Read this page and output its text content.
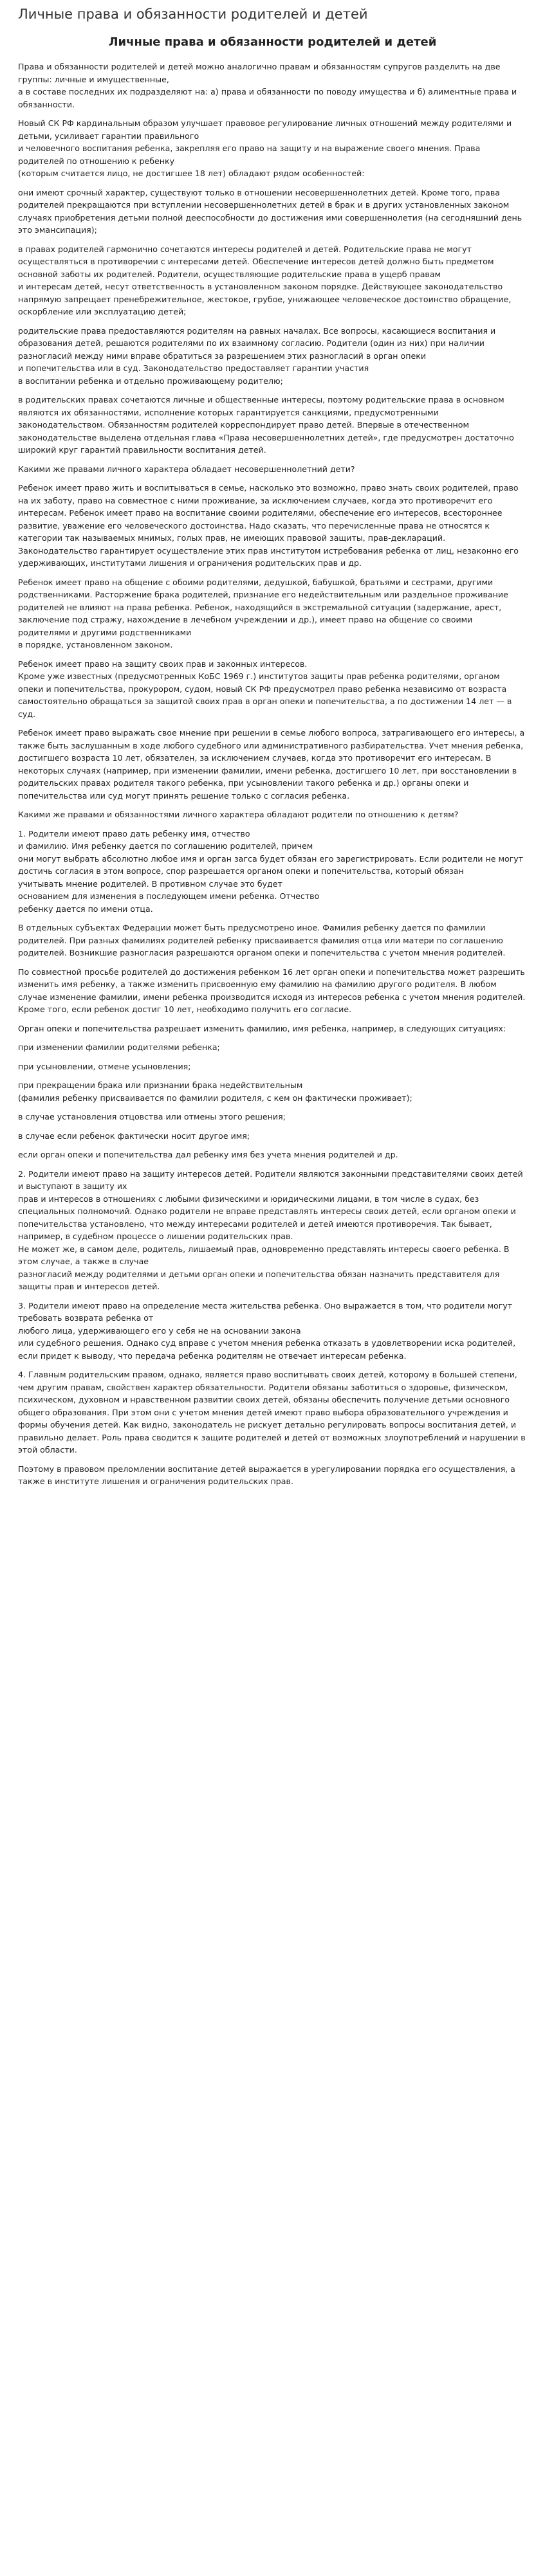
Личные права и обязанности родителей и детей
Личные права и обязанности родителей и детей

Права и обязанности родителей и детей можно аналогично правам и обязанностям супругов разделить на две группы: личные и имущественные,
а в составе последних их подразделяют на: а) права и обязанности по поводу имущества и б) алиментные права и обязанности.

Новый СК РФ кардинальным образом улучшает правовое регулирование личных отношений между родителями и детьми, усиливает гарантии правильного
и человечного воспитания ребенка, закрепляя его право на защиту и на выражение своего мнения. Права родителей по отношению к ребенку
(которым считается лицо, не достигшее 18 лет) обладают рядом особенностей:

они имеют срочный характер, существуют только в отношении несовершеннолетних детей. Кроме того, права родителей прекращаются при вступлении несовершеннолетних детей в брак и в других установленных законом случаях приобретения детьми полной дееспособности до достижения ими совершеннолетия (на сегодняшний день это эмансипация);

в правах родителей гармонично сочетаются интересы родителей и детей. Родительские права не могут осуществляться в противоречии с интересами детей. Обеспечение интересов детей должно быть предметом основной заботы их родителей. Родители, осуществляющие родительские права в ущерб правам
и интересам детей, несут ответственность в установленном законом порядке. Действующее законодательство напрямую запрещает пренебрежительное, жестокое, грубое, унижающее человеческое достоинство обращение, оскорбление или эксплуатацию детей;

родительские права предоставляются родителям на равных началах. Все вопросы, касающиеся воспитания и образования детей, решаются родителями по их взаимному согласию. Родители (один из них) при наличии разногласий между ними вправе обратиться за разрешением этих разногласий в орган опеки
и попечительства или в суд. Законодательство предоставляет гарантии участия
в воспитании ребенка и отдельно проживающему родителю;

в родительских правах сочетаются личные и общественные интересы, поэтому родительские права в основном являются их обязанностями, исполнение которых гарантируется санкциями, предусмотренными законодательством. Обязанностям родителей корреспондирует право детей. Впервые в отечественном законодательстве выделена отдельная глава «Права несовершеннолетних детей», где предусмотрен достаточно широкий круг гарантий правильности воспитания детей.

Какими же правами личного характера обладает несовершеннолетний дети?

Ребенок имеет право жить и воспитываться в семье, насколько это возможно, право знать своих родителей, право на их заботу, право на совместное с ними проживание, за исключением случаев, когда это противоречит его интересам. Ребенок имеет право на воспитание своими родителями, обеспечение его интересов, всестороннее развитие, уважение его человеческого достоинства. Надо сказать, что перечисленные права не относятся к категории так называемых мнимых, голых прав, не имеющих правовой защиты, прав-деклараций. Законодательство гарантирует осуществление этих прав институтом истребования ребенка от лиц, незаконно его удерживающих, институтами лишения и ограничения родительских прав и др.

Ребенок имеет право на общение с обоими родителями, дедушкой, бабушкой, братьями и сестрами, другими родственниками. Расторжение брака родителей, признание его недействительным или раздельное проживание родителей не влияют на права ребенка. Ребенок, находящийся в экстремальной ситуации (задержание, арест, заключение под стражу, нахождение в лечебном учреждении и др.), имеет право на общение со своими родителями и другими родственниками
в порядке, установленном законом.

Ребенок имеет право на защиту своих прав и законных интересов.
Кроме уже известных (предусмотренных КоБС 1969 г.) институтов защиты прав ребенка родителями, органом опеки и попечительства, прокурором, судом, новый СК РФ предусмотрел право ребенка независимо от возраста самостоятельно обращаться за защитой своих прав в орган опеки и попечительства, а по достижении 14 лет — в суд.

Ребенок имеет право выражать свое мнение при решении в семье любого вопроса, затрагивающего его интересы, а также быть заслушанным в ходе любого судебного или административного разбирательства. Учет мнения ребенка, достигшего возраста 10 лет, обязателен, за исключением случаев, когда это противоречит его интересам. В некоторых случаях (например, при изменении фамилии, имени ребенка, достигшего 10 лет, при восстановлении в родительских правах родителя такого ребенка, при усыновлении такого ребенка и др.) органы опеки и попечительства или суд могут принять решение только с согласия ребенка.

Какими же правами и обязанностями личного характера обладают родители по отношению к детям?

1. Родители имеют право дать ребенку имя, отчество
и фамилию. Имя ребенку дается по соглашению родителей, причем
они могут выбрать абсолютно любое имя и орган загса будет обязан его зарегистрировать. Если родители не могут достичь согласия в этом вопросе, спор разрешается органом опеки и попечительства, который обязан
учитывать мнение родителей. В противном случае это будет
основанием для изменения в последующем имени ребенка. Отчество
ребенку дается по имени отца.

В отдельных субъектах Федерации может быть предусмотрено иное. Фамилия ребенку дается по фамилии родителей. При разных фамилиях родителей ребенку присваивается фамилия отца или матери по соглашению родителей. Возникшие разногласия разрешаются органом опеки и попечительства с учетом мнения родителей.

По совместной просьбе родителей до достижения ребенком 16 лет орган опеки и попечительства может разрешить изменить имя ребенку, а также изменить присвоенную ему фамилию на фамилию другого родителя. В любом случае изменение фамилии, имени ребенка производится исходя из интересов ребенка с учетом мнения родителей. Кроме того, если ребенок достиг 10 лет, необходимо получить его согласие.

Орган опеки и попечительства разрешает изменить фамилию, имя ребенка, например, в следующих ситуациях:

при изменении фамилии родителями ребенка;

при усыновлении, отмене усыновления;

при прекращении брака или признании брака недействительным
(фамилия ребенку присваивается по фамилии родителя, с кем он фактически проживает);

в случае установления отцовства или отмены этого решения;

в случае если ребенок фактически носит другое имя;

если орган опеки и попечительства дал ребенку имя без учета мнения родителей и др.

2. Родители имеют право на защиту интересов детей. Родители являются законными представителями своих детей и выступают в защиту их
прав и интересов в отношениях с любыми физическими и юридическими лицами, в том числе в судах, без специальных полномочий. Однако родители не вправе представлять интересы своих детей, если органом опеки и попечительства установлено, что между интересами родителей и детей имеются противоречия. Так бывает, например, в судебном процессе о лишении родительских прав.
Не может же, в самом деле, родитель, лишаемый прав, одновременно представлять интересы своего ребенка. В этом случае, а также в случае
разногласий между родителями и детьми орган опеки и попечительства обязан назначить представителя для защиты прав и интересов детей.

3. Родители имеют право на определение места жительства ребенка. Оно выражается в том, что родители могут требовать возврата ребенка от
любого лица, удерживающего его у себя не на основании закона
или судебного решения. Однако суд вправе с учетом мнения ребенка отказать в удовлетворении иска родителей, если придет к выводу, что передача ребенка родителям не отвечает интересам ребенка.

4. Главным родительским правом, однако, является право воспитывать своих детей, которому в большей степени, чем другим правам, свойствен характер обязательности. Родители обязаны заботиться о здоровье, физическом, психическом, духовном и нравственном развитии своих детей, обязаны обеспечить получение детьми основного общего образования. При этом они с учетом мнения детей имеют право выбора образовательного учреждения и формы обучения детей. Как видно, законодатель не рискует детально регулировать вопросы воспитания детей, и правильно делает. Роль права сводится к защите родителей и детей от возможных злоупотреблений и нарушении в этой области.

Поэтому в правовом преломлении воспитание детей выражается в урегулировании порядка его осуществления, а также в институте лишения и ограничения родительских прав.
